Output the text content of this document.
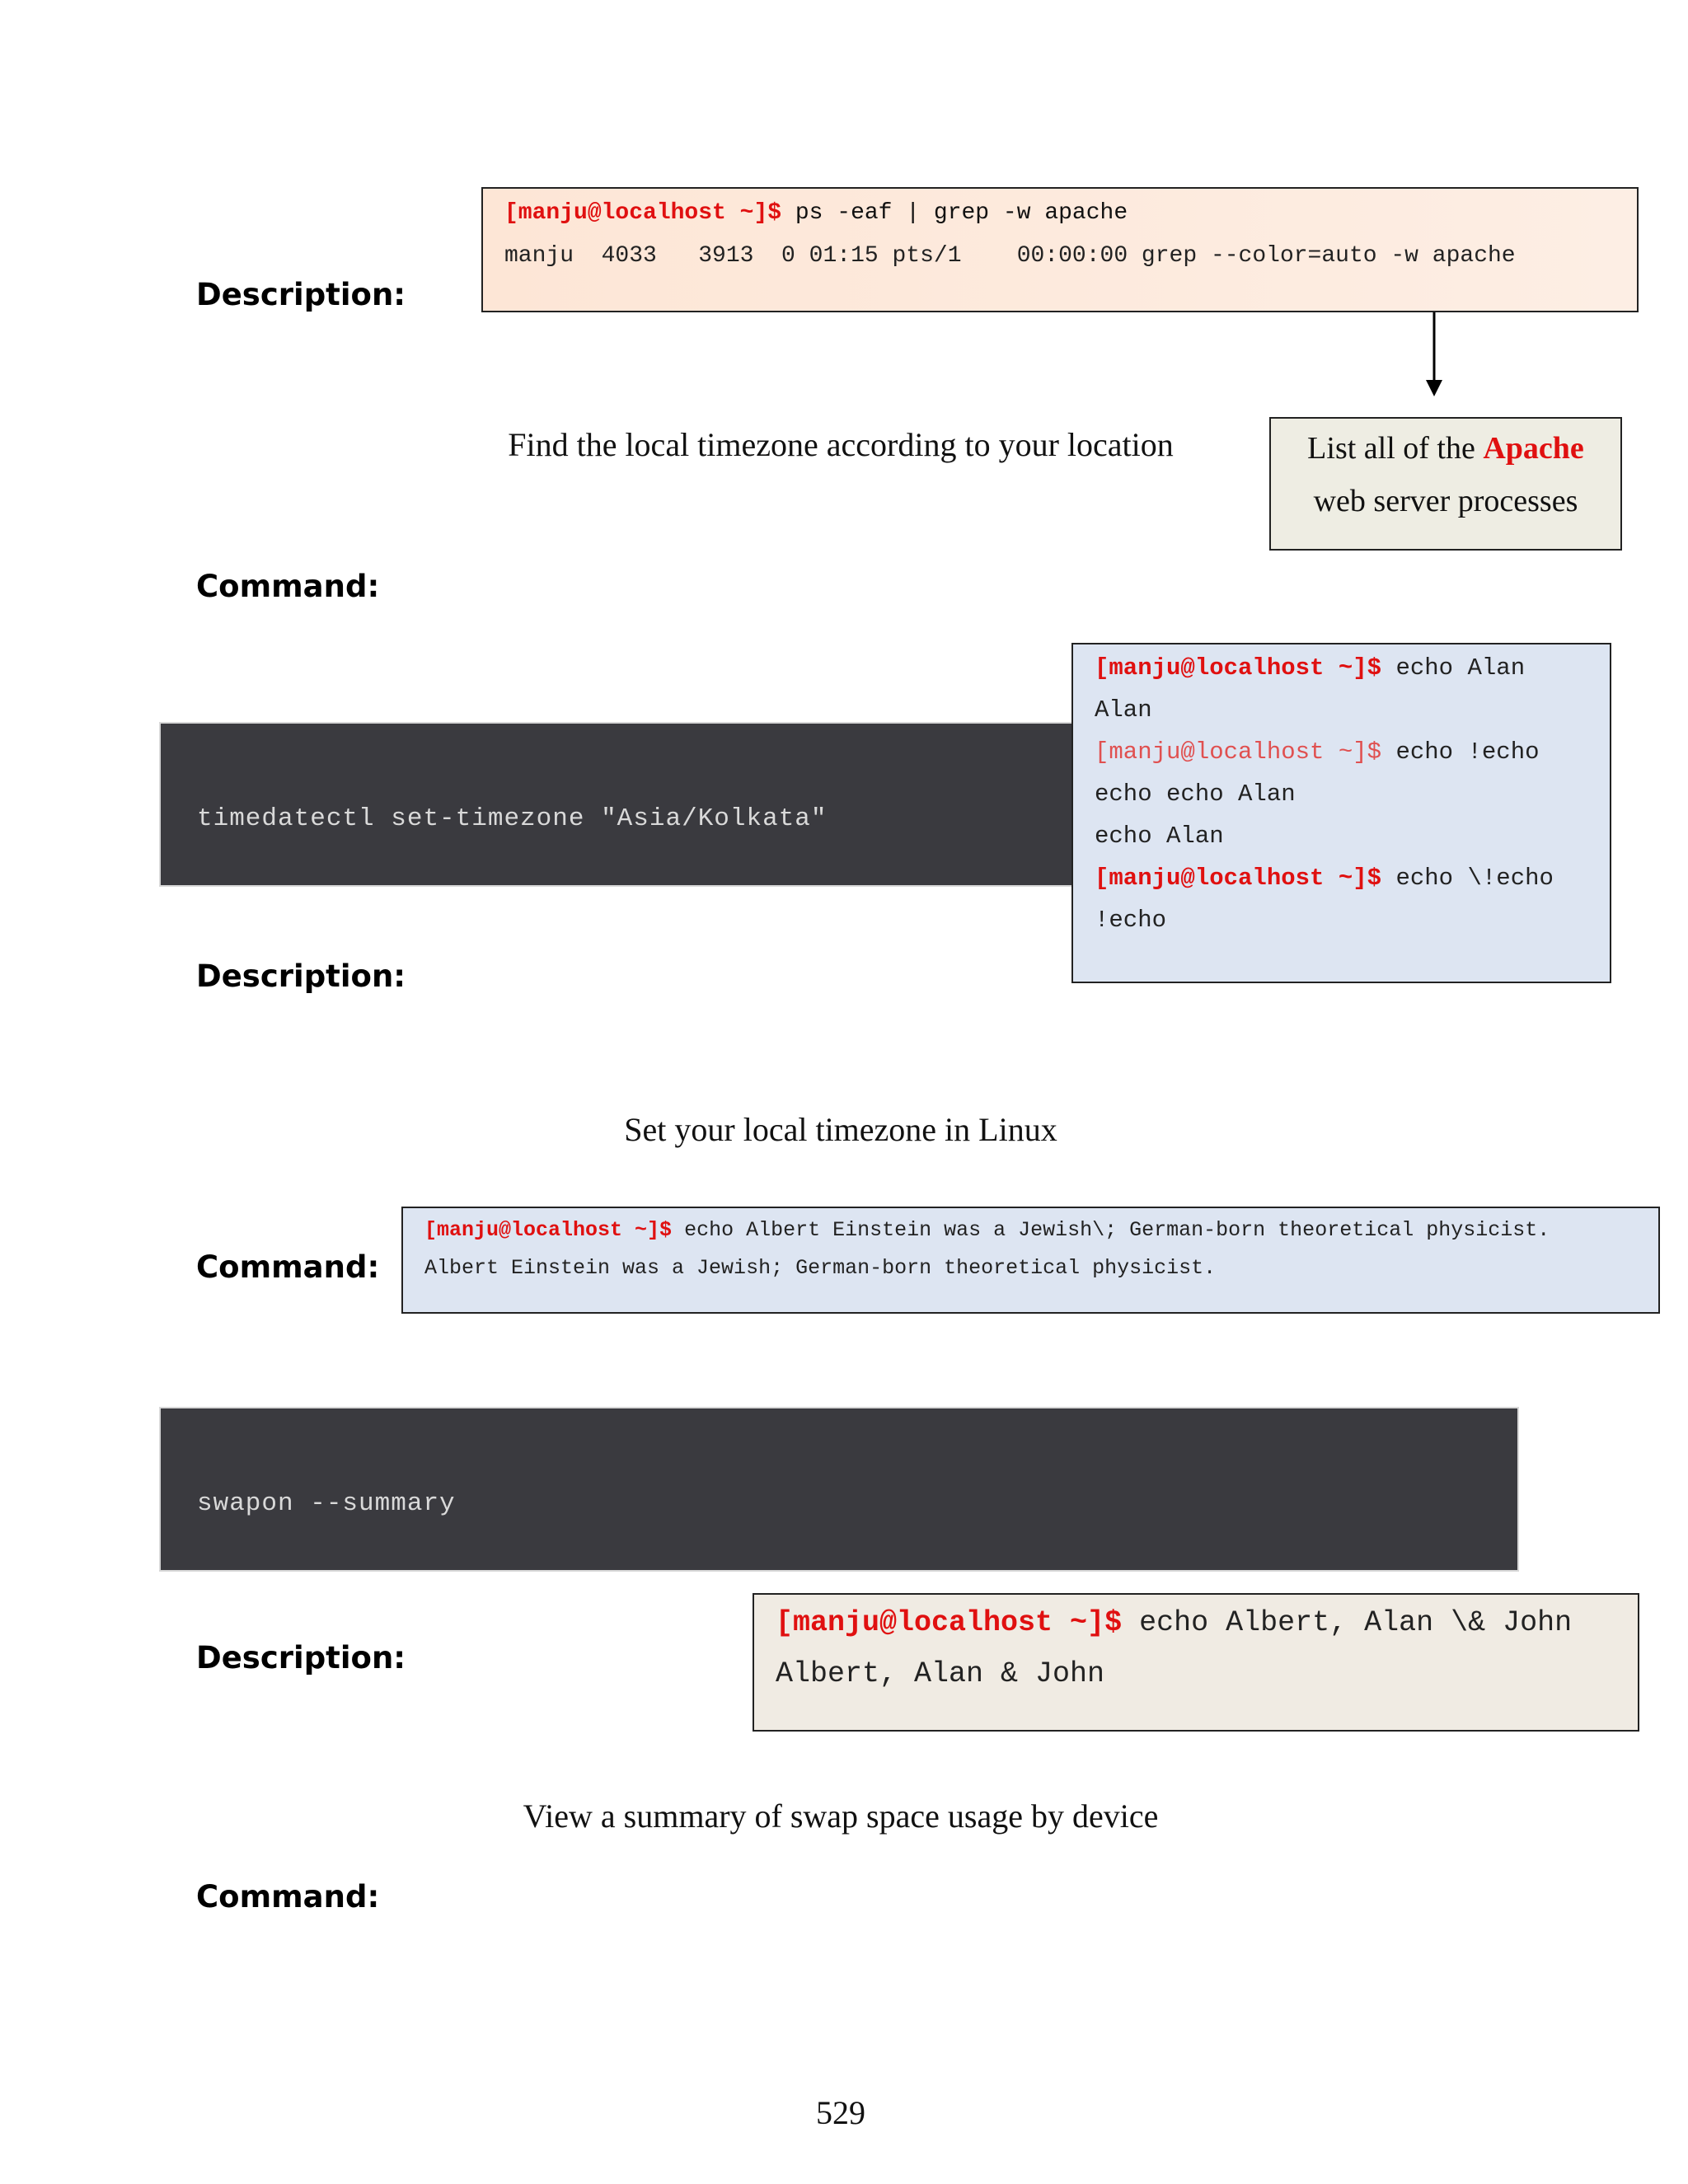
Description:
Command:
Description:
Command:
Description:
Command:
[manju@localhost ~]$ ps -eaf | grep -w apache
manju  4033   3913  0 01:15 pts/1    00:00:00 grep --color=auto -w apache
List all of the Apache
web server processes
Find the local timezone according to your location
timedatectl set-timezone "Asia/Kolkata"
[manju@localhost ~]$ echo Alan
Alan
[manju@localhost ~]$ echo !echo
echo echo Alan
echo Alan
[manju@localhost ~]$ echo \!echo
!echo
Set your local timezone in Linux
[manju@localhost ~]$ echo Albert Einstein was a Jewish\; German-born theoretical physicist.
Albert Einstein was a Jewish; German-born theoretical physicist.
swapon --summary
[manju@localhost ~]$ echo Albert, Alan \& John
Albert, Alan & John
View a summary of swap space usage by device
529
